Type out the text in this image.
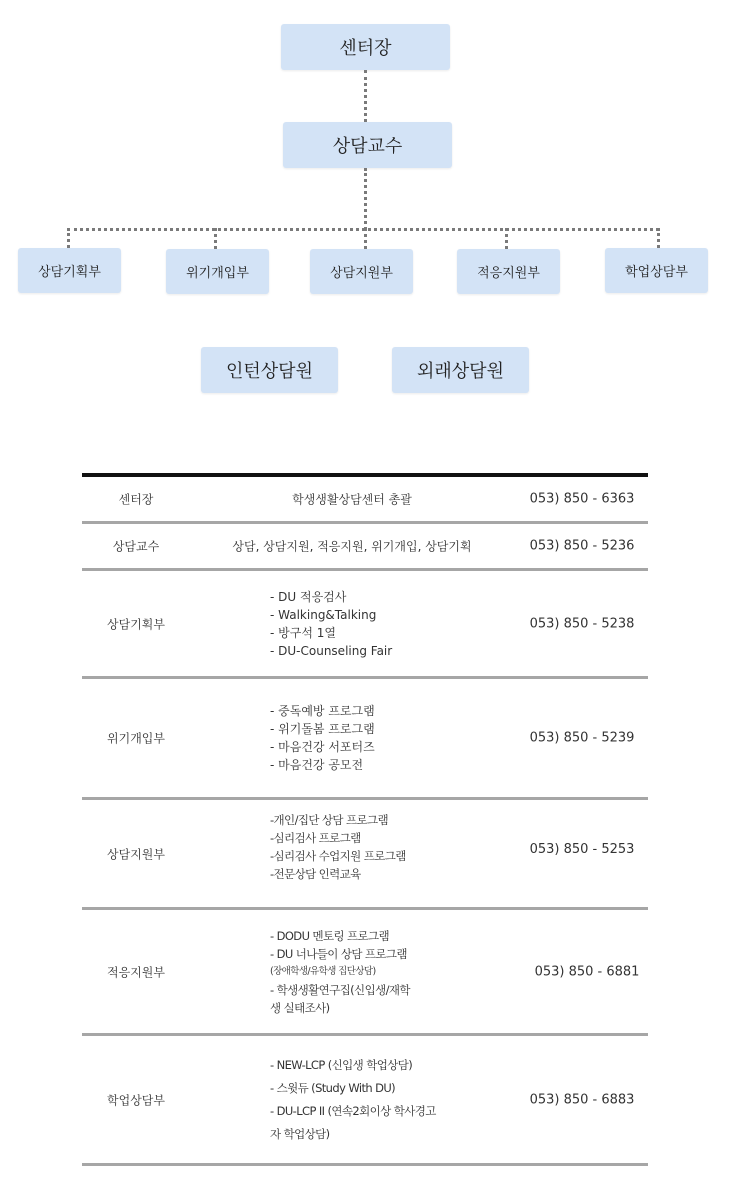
센터장
상담교수
상담기획부	위기개입부	상담지원부	적응지원부	학업상담부
인턴상담원	외래상담원
센터장	학생생활상담센터 총괄	053) 850 - 6363
상담교수	상담, 상담지원, 적응지원, 위기개입, 상담기획	053) 850 - 5236
상담기획부
- DU 적응검사
- Walking&Talking
- 방구석 1열
- DU-Counseling Fair
053) 850 - 5238
위기개입부
- 중독예방 프로그램
- 위기돌봄 프로그램
- 마음건강 서포터즈
- 마음건강 공모전
053) 850 - 5239
상담지원부
-개인/집단 상담 프로그램
-심리검사 프로그램
-심리검사 수업지원 프로그램
-전문상담 인력교육
053) 850 - 5253
적응지원부
- DODU 멘토링 프로그램
- DU 너나들이 상담 프로그램
(장애학생/유학생 집단상담)
- 학생생활연구집(신입생/재학
생 실태조사)
053) 850 - 6881
학업상담부
- NEW-LCP (신입생 학업상담)
- 스윗듀 (Study With DU)
- DU-LCP II (연속2회이상 학사경고
자 학업상담)
053) 850 - 6883
